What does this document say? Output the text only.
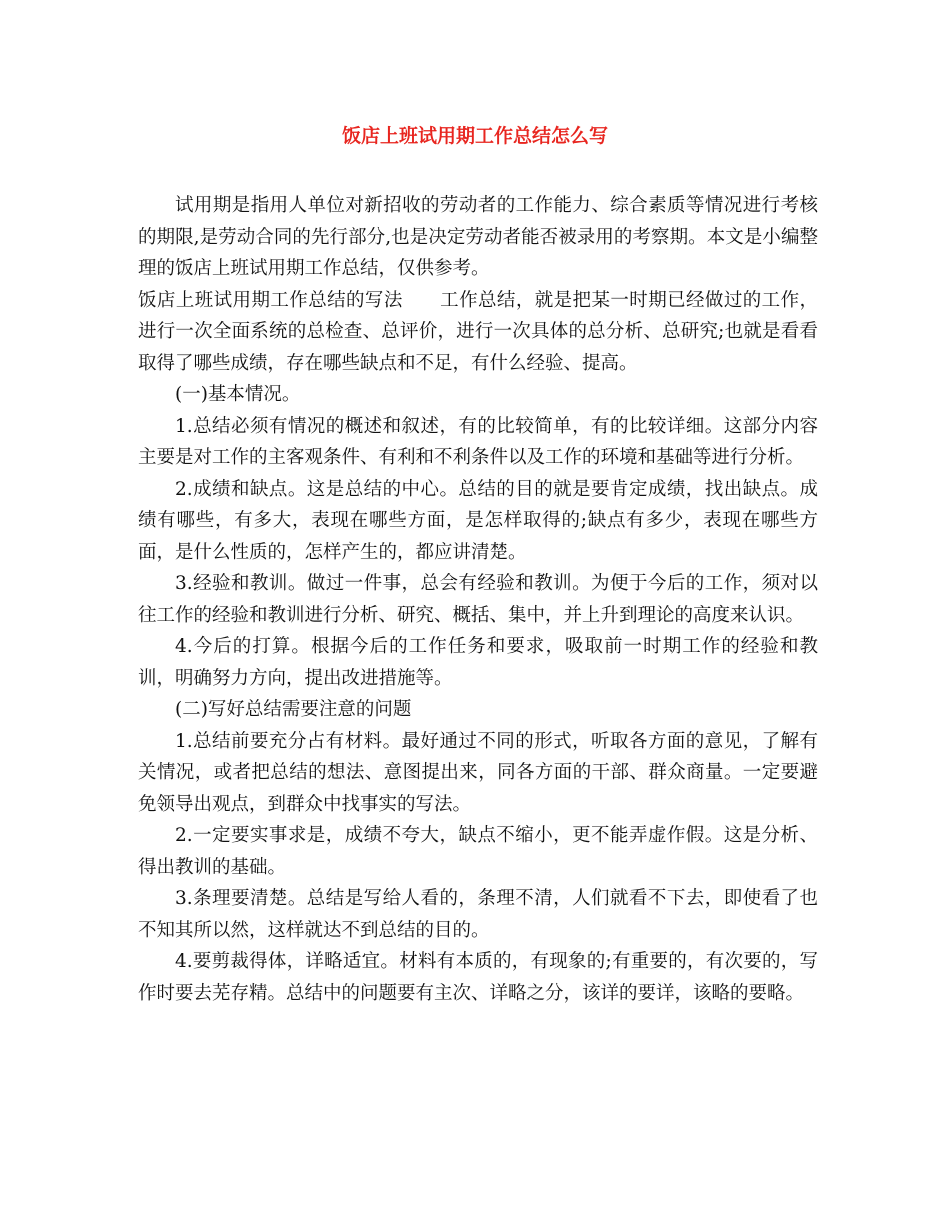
饭店上班试用期工作总结怎么写

试用期是指用人单位对新招收的劳动者的工作能力、综合素质等情况进行考核的期限,是劳动合同的先行部分,也是决定劳动者能否被录用的考察期。本文是小编整理的饭店上班试用期工作总结，仅供参考。

饭店上班试用期工作总结的写法 工作总结，就是把某一时期已经做过的工作，进行一次全面系统的总检查、总评价，进行一次具体的总分析、总研究;也就是看看取得了哪些成绩，存在哪些缺点和不足，有什么经验、提高。

(一)基本情况。

1.总结必须有情况的概述和叙述，有的比较简单，有的比较详细。这部分内容主要是对工作的主客观条件、有利和不利条件以及工作的环境和基础等进行分析。

2.成绩和缺点。这是总结的中心。总结的目的就是要肯定成绩，找出缺点。成绩有哪些，有多大，表现在哪些方面，是怎样取得的;缺点有多少，表现在哪些方面，是什么性质的，怎样产生的，都应讲清楚。

3.经验和教训。做过一件事，总会有经验和教训。为便于今后的工作，须对以往工作的经验和教训进行分析、研究、概括、集中，并上升到理论的高度来认识。

4.今后的打算。根据今后的工作任务和要求，吸取前一时期工作的经验和教训，明确努力方向，提出改进措施等。

(二)写好总结需要注意的问题

1.总结前要充分占有材料。最好通过不同的形式，听取各方面的意见，了解有关情况，或者把总结的想法、意图提出来，同各方面的干部、群众商量。一定要避免领导出观点，到群众中找事实的写法。

2.一定要实事求是，成绩不夸大，缺点不缩小，更不能弄虚作假。这是分析、得出教训的基础。

3.条理要清楚。总结是写给人看的，条理不清，人们就看不下去，即使看了也不知其所以然，这样就达不到总结的目的。

4.要剪裁得体，详略适宜。材料有本质的，有现象的;有重要的，有次要的，写作时要去芜存精。总结中的问题要有主次、详略之分，该详的要详，该略的要略。
